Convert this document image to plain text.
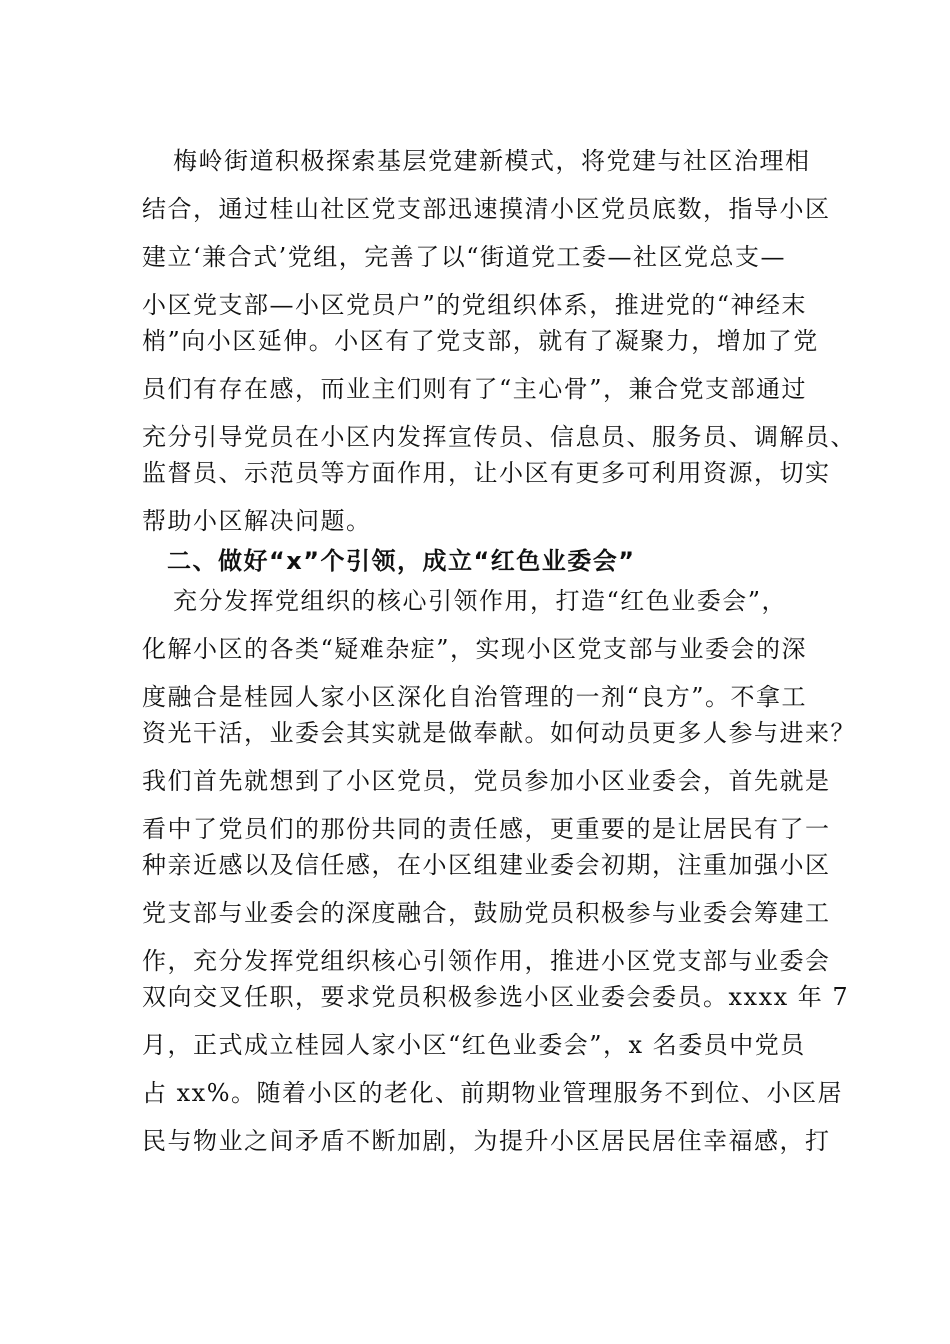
梅岭街道积极探索基层党建新模式，将党建与社区治理相
结合，通过桂山社区党支部迅速摸清小区党员底数，指导小区
建立‘兼合式’党组，完善了以“街道党工委—社区党总支—
小区党支部—小区党员户”的党组织体系，推进党的“神经末
梢”向小区延伸。小区有了党支部，就有了凝聚力，增加了党
员们有存在感，而业主们则有了“主心骨”，兼合党支部通过
充分引导党员在小区内发挥宣传员、信息员、服务员、调解员、
监督员、示范员等方面作用，让小区有更多可利用资源，切实
帮助小区解决问题。
二、做好“x”个引领，成立“红色业委会”
充分发挥党组织的核心引领作用，打造“红色业委会”，
化解小区的各类“疑难杂症”，实现小区党支部与业委会的深
度融合是桂园人家小区深化自治管理的一剂“良方”。不拿工
资光干活，业委会其实就是做奉献。如何动员更多人参与进来？
我们首先就想到了小区党员，党员参加小区业委会，首先就是
看中了党员们的那份共同的责任感，更重要的是让居民有了一
种亲近感以及信任感，在小区组建业委会初期，注重加强小区
党支部与业委会的深度融合，鼓励党员积极参与业委会筹建工
作，充分发挥党组织核心引领作用，推进小区党支部与业委会
双向交叉任职，要求党员积极参选小区业委会委员。xxxx 年 7
月，正式成立桂园人家小区“红色业委会”，x 名委员中党员
占 xx%。随着小区的老化、前期物业管理服务不到位、小区居
民与物业之间矛盾不断加剧，为提升小区居民居住幸福感，打
